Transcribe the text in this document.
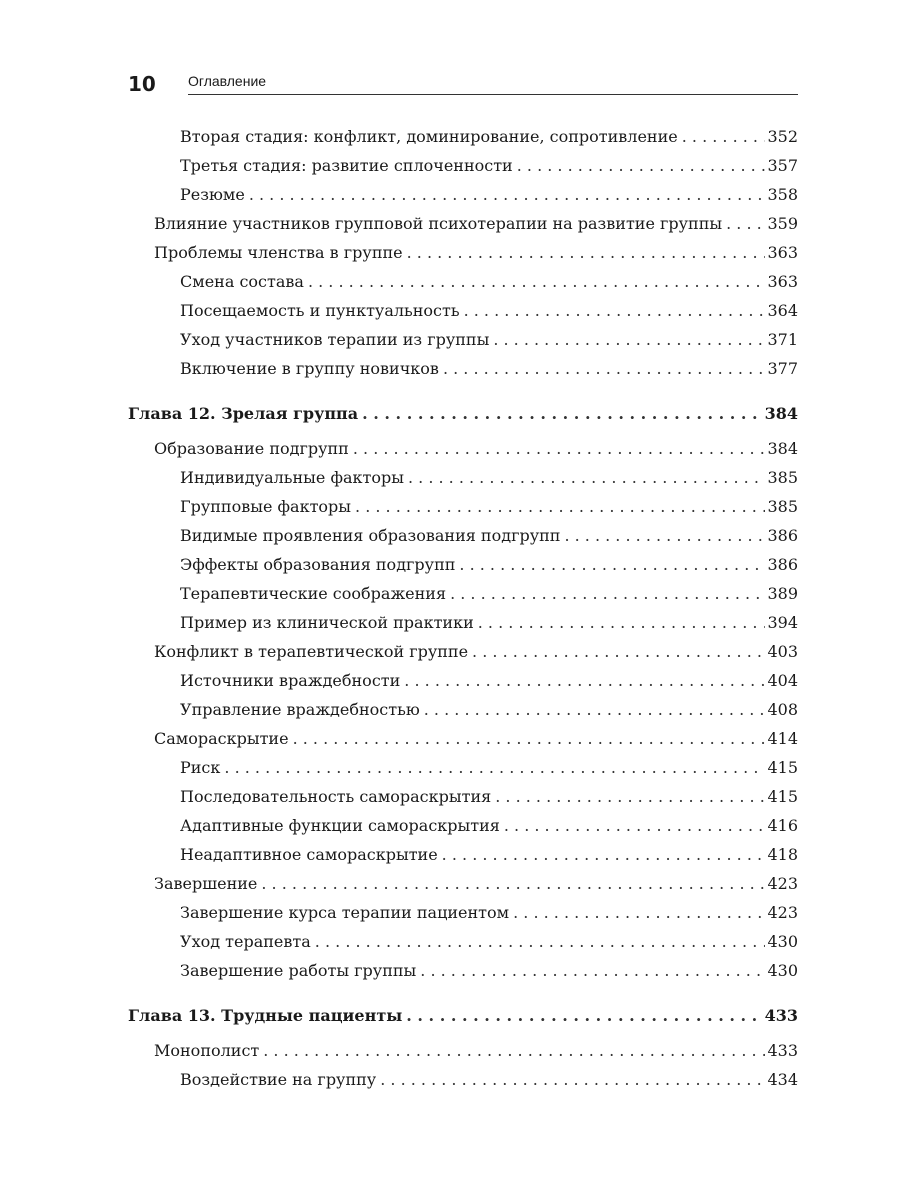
10 Оглавление
Вторая стадия: конфликт, доминирование, сопротивление . . .	352
Третья стадия: развитие сплоченности . . .	357
Резюме . . .	358
Влияние участников групповой психотерапии на развитие группы . . .	359
Проблемы членства в группе . . .	363
Смена состава . . .	363
Посещаемость и пунктуальность . . .	364
Уход участников терапии из группы . . .	371
Включение в группу новичков . . .	377
Глава 12. Зрелая группа . . .	384
Образование подгрупп . . .	384
Индивидуальные факторы . . .	385
Групповые факторы . . .	385
Видимые проявления образования подгрупп . . .	386
Эффекты образования подгрупп . . .	386
Терапевтические соображения . . .	389
Пример из клинической практики . . .	394
Конфликт в терапевтической группе . . .	403
Источники враждебности . . .	404
Управление враждебностью . . .	408
Самораскрытие . . .	414
Риск . . .	415
Последовательность самораскрытия . . .	415
Адаптивные функции самораскрытия . . .	416
Неадаптивное самораскрытие . . .	418
Завершение . . .	423
Завершение курса терапии пациентом . . .	423
Уход терапевта . . .	430
Завершение работы группы . . .	430
Глава 13. Трудные пациенты . . .	433
Монополист . . .	433
Воздействие на группу . . .	434
